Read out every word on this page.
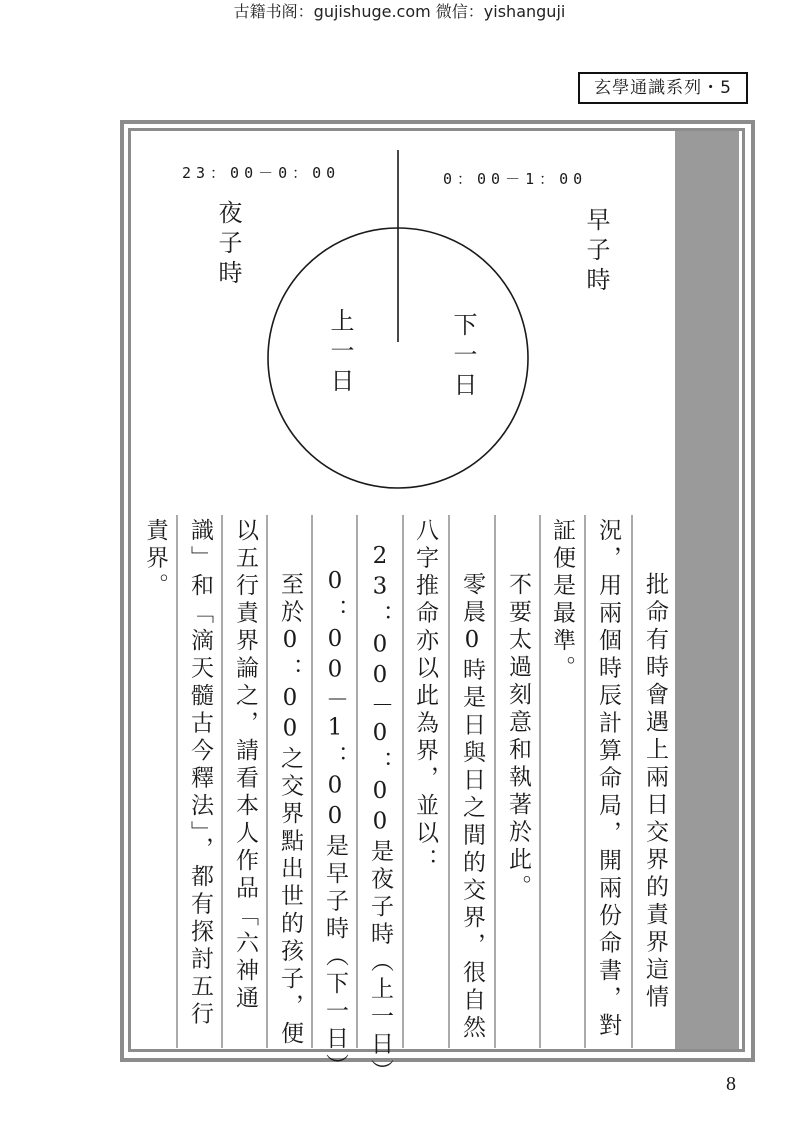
古籍书阁：gujishuge.com 微信：yishanguji
玄學通識系列・5
23：00－0：00	0：00－1：00
夜子時	早子時
上一日	下一日
批命有時會遇上兩日交界的責界這情
況，用兩個時辰計算命局，開兩份命書，對
証便是最準。
不要太過刻意和執著於此。
零晨0時是日與日之間的交界，很自然
八字推命亦以此為界，並以：
23：00－0：00是夜子時（上一日）
0：00－1：00是早子時（下一日）
至於0：00之交界點出世的孩子，便
以五行責界論之，請看本人作品「六神通
識」和「滴天髓古今釋法」，都有探討五行
責界。
8
